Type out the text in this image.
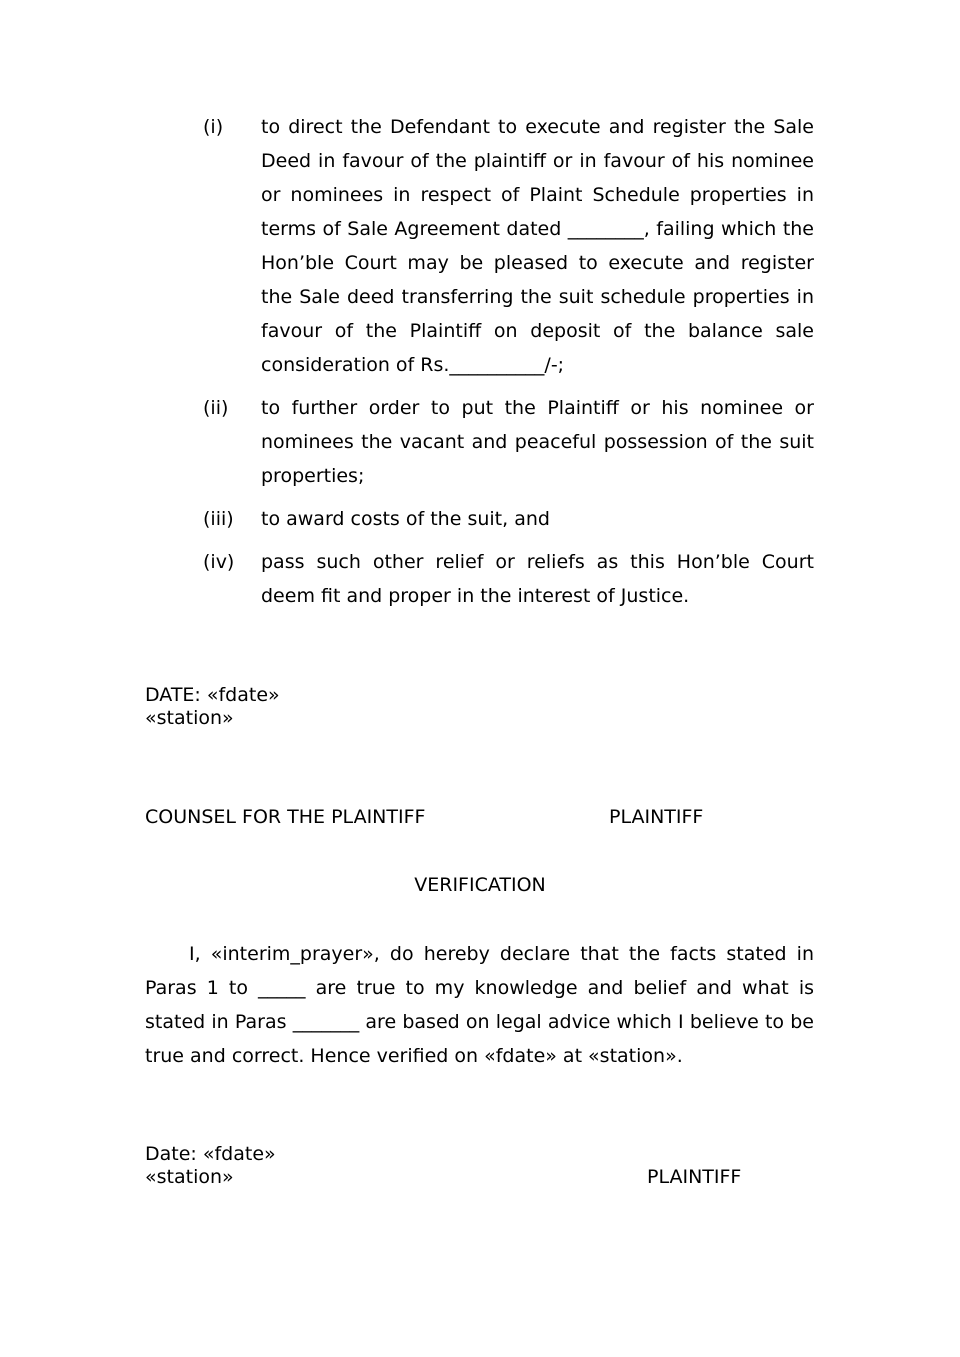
(i)	to direct the Defendant to execute and register the Sale Deed in favour of the plaintiff or in favour of his nominee or nominees in respect of Plaint Schedule properties in terms of Sale Agreement dated ________, failing which the Hon’ble Court may be pleased to execute and register the Sale deed transferring the suit schedule properties in favour of the Plaintiff on deposit of the balance sale consideration of Rs.__________/-;
(ii)	to further order to put the Plaintiff or his nominee or nominees the vacant and peaceful possession of the suit properties;
(iii)	to award costs of the suit, and
(iv)	pass such other relief or reliefs as this Hon’ble Court deem fit and proper in the interest of Justice.
DATE: «fdate»
«station»
COUNSEL FOR THE PLAINTIFF	PLAINTIFF
VERIFICATION
I, «interim_prayer», do hereby declare that the facts stated in Paras 1 to _____ are true to my knowledge and belief and what is stated in Paras _______ are based on legal advice which I believe to be true and correct. Hence verified on «fdate» at «station».
Date: «fdate»
«station»	PLAINTIFF
